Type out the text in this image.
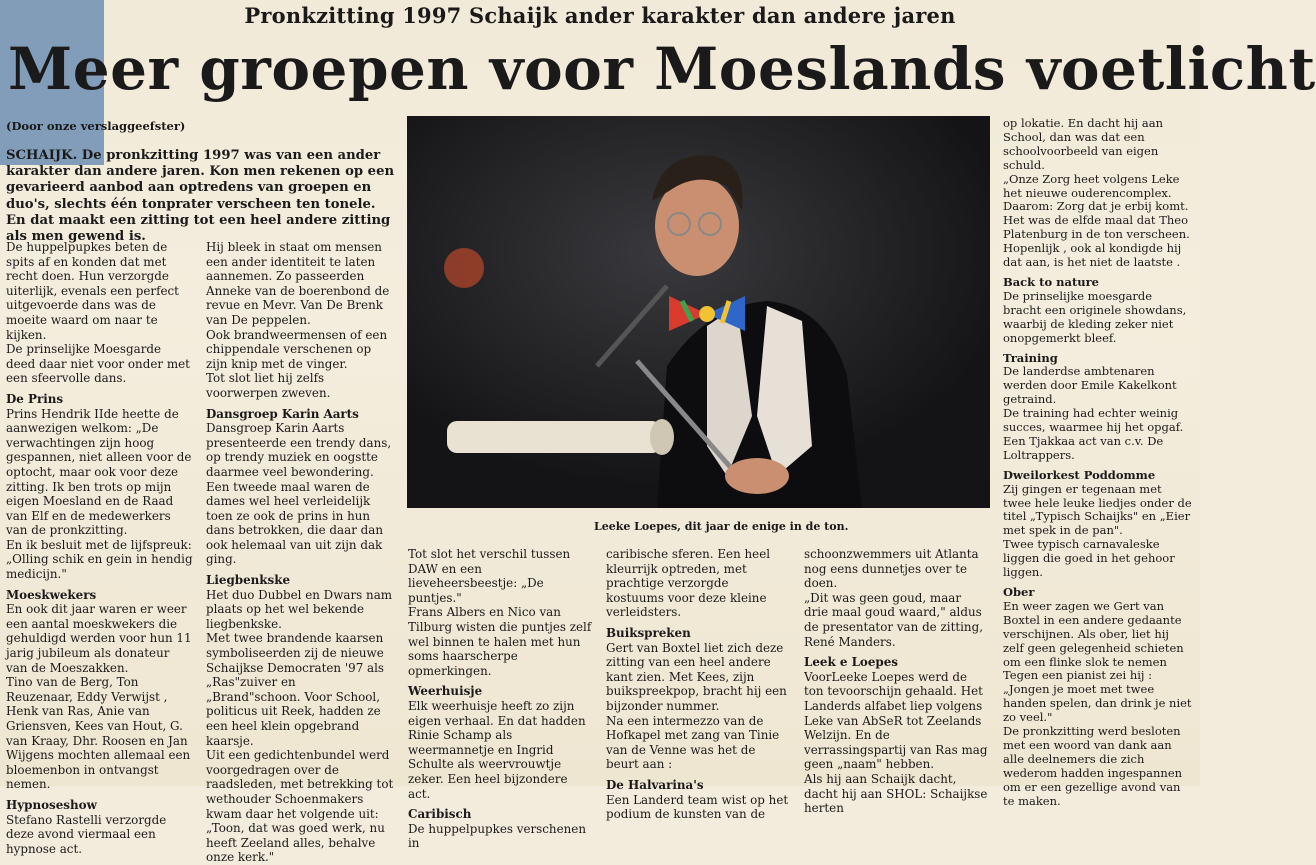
Pronkzitting 1997 Schaijk ander karakter dan andere jaren
Meer groepen voor Moeslands voetlicht
(Door onze verslaggeefster)
SCHAIJK. De pronkzitting 1997 was van een ander karakter dan andere jaren. Kon men rekenen op een gevarieerd aanbod aan optredens van groepen en duo's, slechts één tonprater verscheen ten tonele. En dat maakt een zitting tot een heel andere zitting als men gewend is.

De huppelpupkes beten de spits af en konden dat met recht doen. Hun verzorgde uiterlijk, evenals een perfect uitgevoerde dans was de moeite waard om naar te kijken.

De prinselijke Moesgarde deed daar niet voor onder met een sfeervolle dans.

De Prins

Prins Hendrik IIde heette de aanwezigen welkom: „De verwachtingen zijn hoog gespannen, niet alleen voor de optocht, maar ook voor deze zitting. Ik ben trots op mijn eigen Moesland en de Raad van Elf en de medewerkers van de pronkzitting.

En ik besluit met de lijfspreuk: „Olling schik en gein in hendig medicijn."

Moeskwekers

En ook dit jaar waren er weer een aantal moeskwekers die gehuldigd werden voor hun 11 jarig jubileum als donateur van de Moeszakken.

Tino van de Berg, Ton Reuzenaar, Eddy Verwijst , Henk van Ras, Anie van Griensven, Kees van Hout, G. van Kraay, Dhr. Roosen en Jan Wijgens mochten allemaal een bloemenbon in ontvangst nemen.

Hypnoseshow

Stefano Rastelli verzorgde deze avond viermaal een hypnose act.

Hij bleek in staat om mensen een ander identiteit te laten aannemen. Zo passeerden Anneke van de boerenbond de revue en Mevr. Van De Brenk van De peppelen.

Ook brandweermensen of een chippendale verschenen op zijn knip met de vinger.

Tot slot liet hij zelfs voorwerpen zweven.

Dansgroep Karin Aarts

Dansgroep Karin Aarts presenteerde een trendy dans, op trendy muziek en oogstte daarmee veel bewondering.

Een tweede maal waren de dames wel heel verleidelijk toen ze ook de prins in hun dans betrokken, die daar dan ook helemaal van uit zijn dak ging.

Liegbenkske

Het duo Dubbel en Dwars nam plaats op het wel bekende liegbenkske.

Met twee brandende kaarsen symboliseerden zij de nieuwe Schaijkse Democraten '97 als „Ras"zuiver en „Brand"schoon. Voor School, politicus uit Reek, hadden ze een heel klein opgebrand kaarsje.

Uit een gedichtenbundel werd voorgedragen over de raadsleden, met betrekking tot wethouder Schoenmakers kwam daar het volgende uit: „Toon, dat was goed werk, nu heeft Zeeland alles, behalve onze kerk."

Leeke Loepes, dit jaar de enige in de ton.

Tot slot het verschil tussen DAW en een lieveheersbeestje: „De puntjes."

Frans Albers en Nico van Tilburg wisten die puntjes zelf wel binnen te halen met hun soms haarscherpe opmerkingen.

Weerhuisje

Elk weerhuisje heeft zo zijn eigen verhaal. En dat hadden Rinie Schamp als weermannetje en Ingrid Schulte als weervrouwtje zeker. Een heel bijzondere act.

Caribisch

De huppelpupkes verschenen in

caribische sferen. Een heel kleurrijk optreden, met prachtige verzorgde kostuums voor deze kleine verleidsters.

Buikspreken

Gert van Boxtel liet zich deze zitting van een heel andere kant zien. Met Kees, zijn buikspreekpop, bracht hij een bijzonder nummer.

Na een intermezzo van de Hofkapel met zang van Tinie van de Venne was het de beurt aan :

De Halvarina's

Een Landerd team wist op het podium de kunsten van de

schoonzwemmers uit Atlanta nog eens dunnetjes over te doen.

„Dit was geen goud, maar drie maal goud waard," aldus de presentator van de zitting, René Manders.

Leek e Loepes

VoorLeeke Loepes werd de ton tevoorschijn gehaald. Het Landerds alfabet liep volgens Leke van AbSeR tot Zeelands Welzijn. En de verrassingspartij van Ras mag geen „naam" hebben.

Als hij aan Schaijk dacht, dacht hij aan SHOL: Schaijkse herten

op lokatie. En dacht hij aan School, dan was dat een schoolvoorbeeld van eigen schuld.

„Onze Zorg heet volgens Leke het nieuwe ouderencomplex. Daarom: Zorg dat je erbij komt. Het was de elfde maal dat Theo Platenburg in de ton verscheen. Hopenlijk , ook al kondigde hij dat aan, is het niet de laatste .

Back to nature

De prinselijke moesgarde bracht een originele showdans, waarbij de kleding zeker niet onopgemerkt bleef.

Training

De landerdse ambtenaren werden door Emile Kakelkont getraind.

De training had echter weinig succes, waarmee hij het opgaf. Een Tjakkaa act van c.v. De Loltrappers.

Dweilorkest Poddomme

Zij gingen er tegenaan met twee hele leuke liedjes onder de titel „Typisch Schaijks" en „Eier met spek in de pan".

Twee typisch carnavaleske liggen die goed in het gehoor liggen.

Ober

En weer zagen we Gert van Boxtel in een andere gedaante verschijnen. Als ober, liet hij zelf geen gelegenheid schieten om een flinke slok te nemen Tegen een pianist zei hij : „Jongen je moet met twee handen spelen, dan drink je niet zo veel."

De pronkzitting werd besloten met een woord van dank aan alle deelnemers die zich wederom hadden ingespannen om er een gezellige avond van te maken.
